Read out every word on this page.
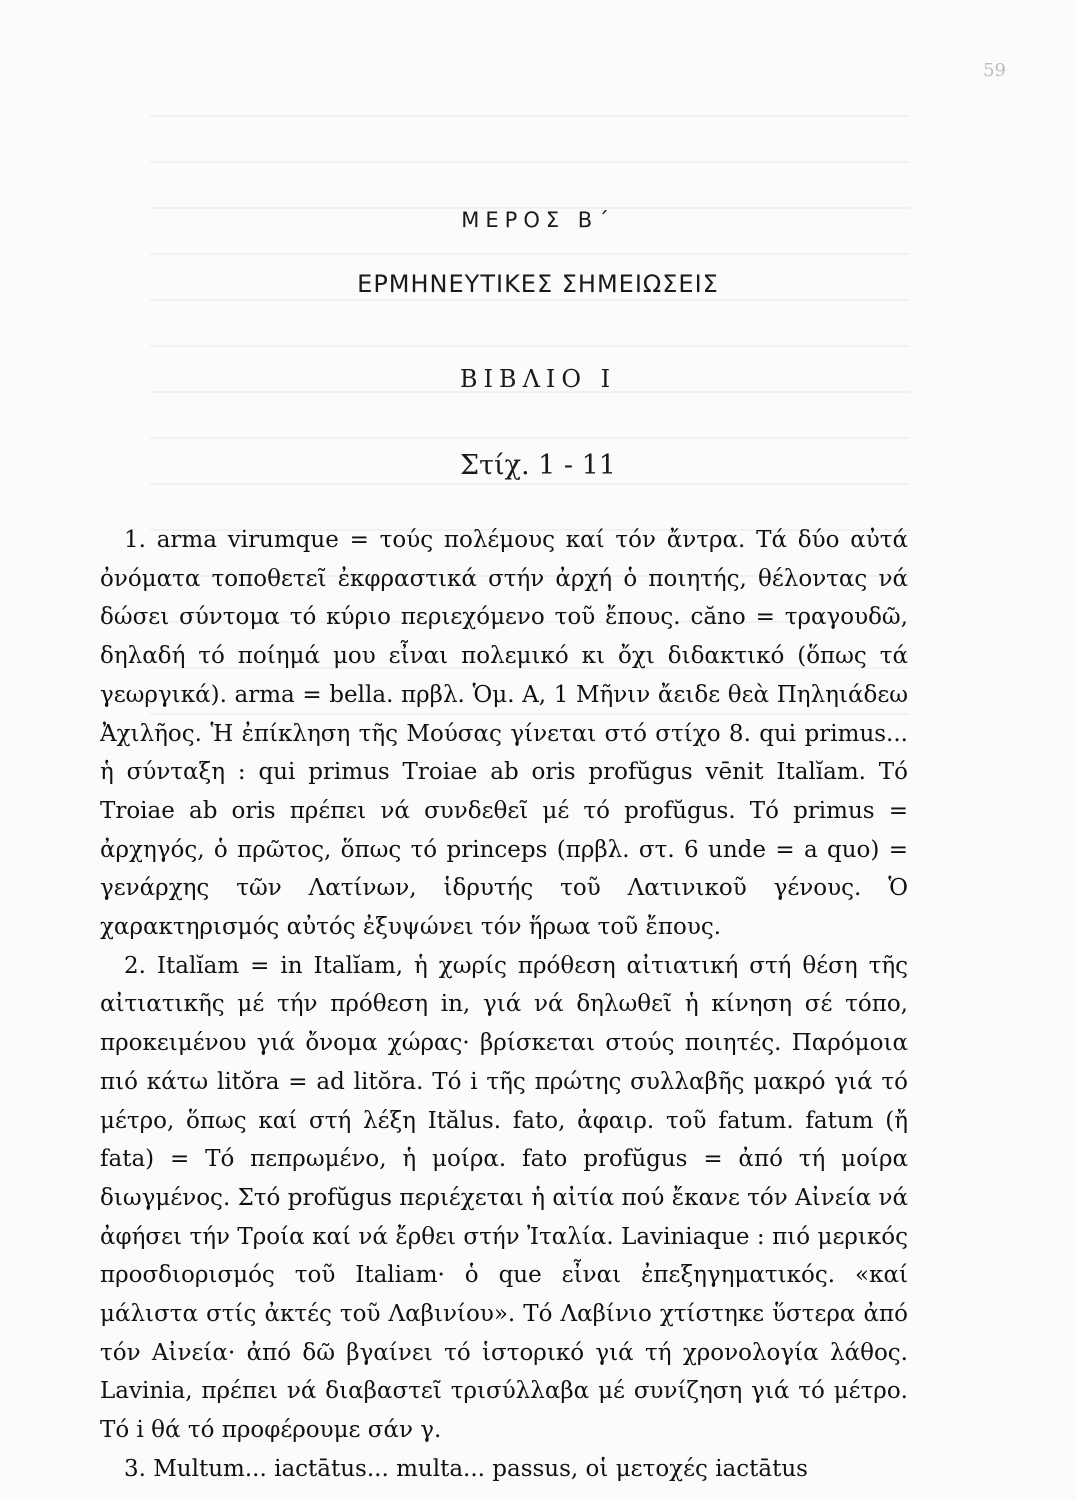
59
ΜΕΡΟΣ Β΄
ΕΡΜΗΝΕΥΤΙΚΕΣ ΣΗΜΕΙΩΣΕΙΣ
ΒΙΒΛΙΟ Ι
Στίχ. 1 - 11

1. arma virumque = τούς πολέμους καί τόν ἄντρα. Τά δύο αὐτά ὀνόματα τοποθετεῖ ἐκφραστικά στήν ἀρχή ὁ ποιητής, θέλοντας νά δώσει σύντομα τό κύριο περιεχόμενο τοῦ ἔπους. căno = τραγουδῶ, δηλαδή τό ποίημά μου εἶναι πολεμικό κι ὄχι διδακτικό (ὅπως τά γεωργικά). arma = bella. πρβλ. Ὁμ. Α, 1 Μῆνιν ἄειδε θεὰ Πηληιάδεω Ἀχιλῆος. Ἡ ἐπίκληση τῆς Μούσας γίνεται στό στίχο 8. qui primus... ἡ σύνταξη : qui primus Troiae ab oris profŭgus vēnit Italĭam. Τό Troiae ab oris πρέπει νά συνδεθεῖ μέ τό profŭgus. Τό primus = ἀρχηγός, ὁ πρῶτος, ὅπως τό princeps (πρβλ. στ. 6 unde = a quo) = γενάρχης τῶν Λατίνων, ἱδρυτής τοῦ Λατινικοῦ γένους. Ὁ χαρακτηρισμός αὐτός ἐξυψώνει τόν ἥρωα τοῦ ἔπους.

2. Italĭam = in Italĭam, ἡ χωρίς πρόθεση αἰτιατική στή θέση τῆς αἰτιατικῆς μέ τήν πρόθεση in, γιά νά δηλωθεῖ ἡ κίνηση σέ τόπο, προκειμένου γιά ὄνομα χώρας· βρίσκεται στούς ποιητές. Παρόμοια πιό κάτω litŏra = ad litŏra. Τό i τῆς πρώτης συλλαβῆς μακρό γιά τό μέτρο, ὅπως καί στή λέξη Itălus. fato, ἀφαιρ. τοῦ fatum. fatum (ἤ fata) = Τό πεπρωμένο, ἡ μοίρα. fato profŭgus = ἀπό τή μοίρα διωγμένος. Στό profŭgus περιέχεται ἡ αἰτία πού ἔκανε τόν Αἰνεία νά ἀφήσει τήν Τροία καί νά ἔρθει στήν Ἰταλία. Laviniaque : πιό μερικός προσδιορισμός τοῦ Italiam· ὁ que εἶναι ἐπεξηγηματικός. «καί μάλιστα στίς ἀκτές τοῦ Λαβινίου». Τό Λαβίνιο χτίστηκε ὕστερα ἀπό τόν Αἰνεία· ἀπό δῶ βγαίνει τό ἱστορικό γιά τή χρονολογία λάθος. Lavinia, πρέπει νά διαβαστεῖ τρισύλλαβα μέ συνίζηση γιά τό μέτρο. Τό i θά τό προφέρουμε σάν γ.

3. Multum... iactātus... multa... passus, οἱ μετοχές iactātus
